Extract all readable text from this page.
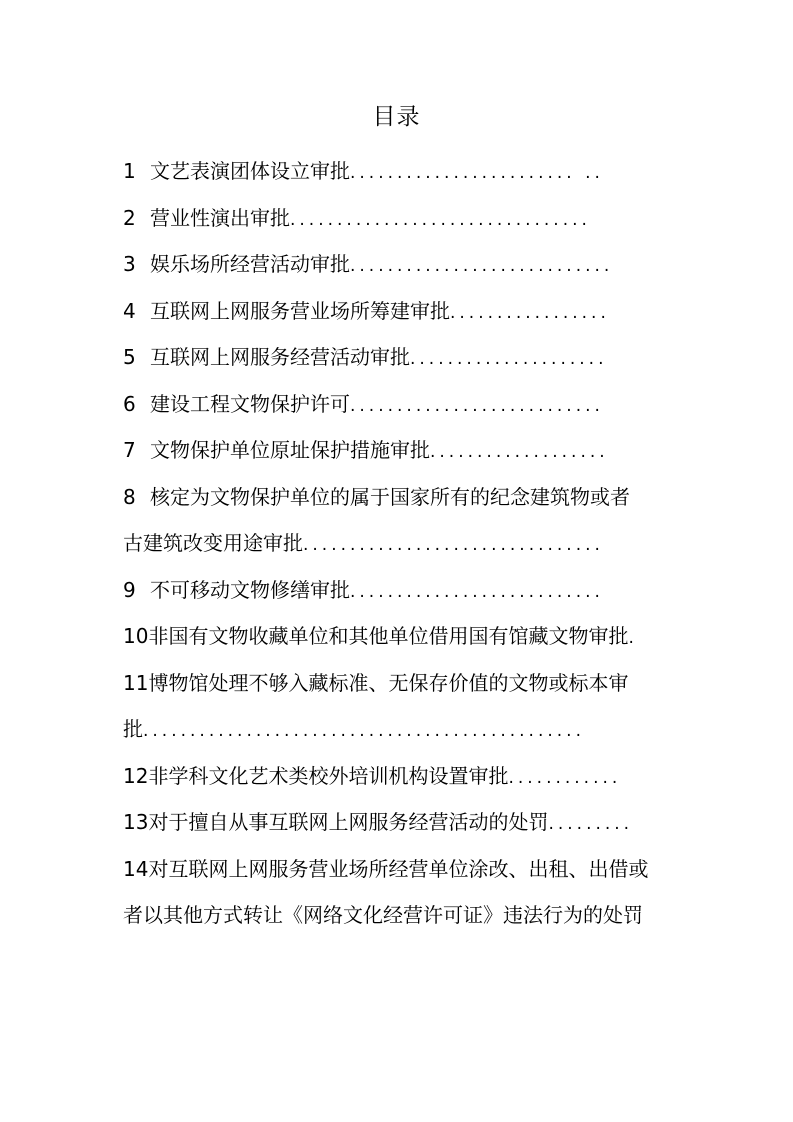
目录
1 文艺表演团体设立审批........................ ..
2 营业性演出审批................................
3 娱乐场所经营活动审批............................
4 互联网上网服务营业场所筹建审批.................
5 互联网上网服务经营活动审批.....................
6 建设工程文物保护许可...........................
7 文物保护单位原址保护措施审批...................
8 核定为文物保护单位的属于国家所有的纪念建筑物或者
古建筑改变用途审批................................
9 不可移动文物修缮审批...........................
10非国有文物收藏单位和其他单位借用国有馆藏文物审批.
11博物馆处理不够入藏标准、无保存价值的文物或标本审
批...............................................
12非学科文化艺术类校外培训机构设置审批............
13对于擅自从事互联网上网服务经营活动的处罚.........
14对互联网上网服务营业场所经营单位涂改、出租、出借或
者以其他方式转让《网络文化经营许可证》违法行为的处罚
